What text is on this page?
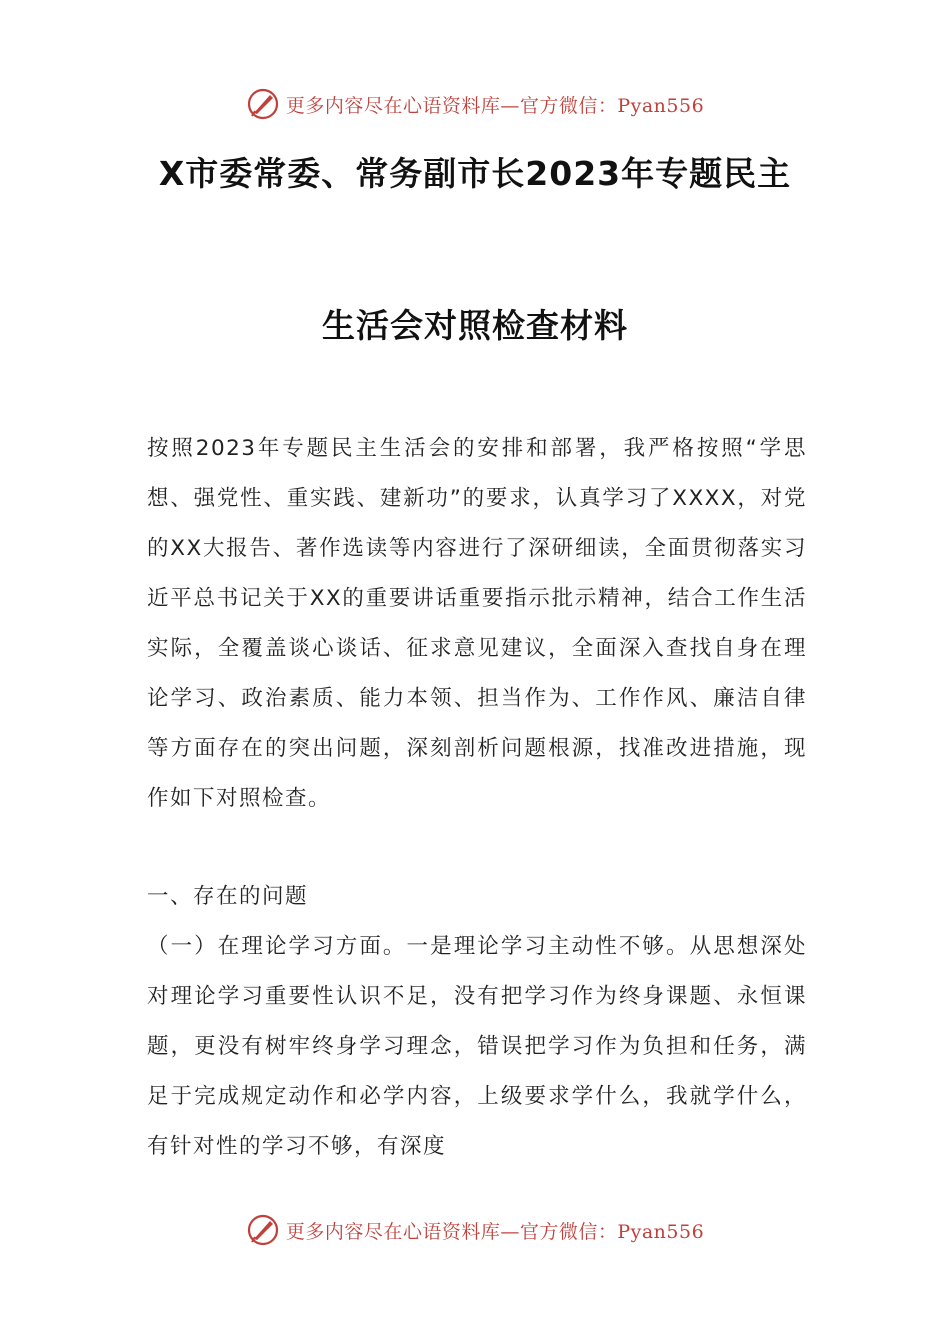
更多内容尽在心语资料库—官方微信：Pyan556
X市委常委、常务副市长2023年专题民主
生活会对照检查材料
按照2023年专题民主生活会的安排和部署，我严格按照“学思想、强党性、重实践、建新功”的要求，认真学习了XXXX，对党的XX大报告、著作选读等内容进行了深研细读，全面贯彻落实习近平总书记关于XX的重要讲话重要指示批示精神，结合工作生活实际，全覆盖谈心谈话、征求意见建议，全面深入查找自身在理论学习、政治素质、能力本领、担当作为、工作作风、廉洁自律等方面存在的突出问题，深刻剖析问题根源，找准改进措施，现作如下对照检查。
一、存在的问题
（一）在理论学习方面。一是理论学习主动性不够。从思想深处对理论学习重要性认识不足，没有把学习作为终身课题、永恒课题，更没有树牢终身学习理念，错误把学习作为负担和任务，满足于完成规定动作和必学内容，上级要求学什么，我就学什么，有针对性的学习不够，有深度
更多内容尽在心语资料库—官方微信：Pyan556
